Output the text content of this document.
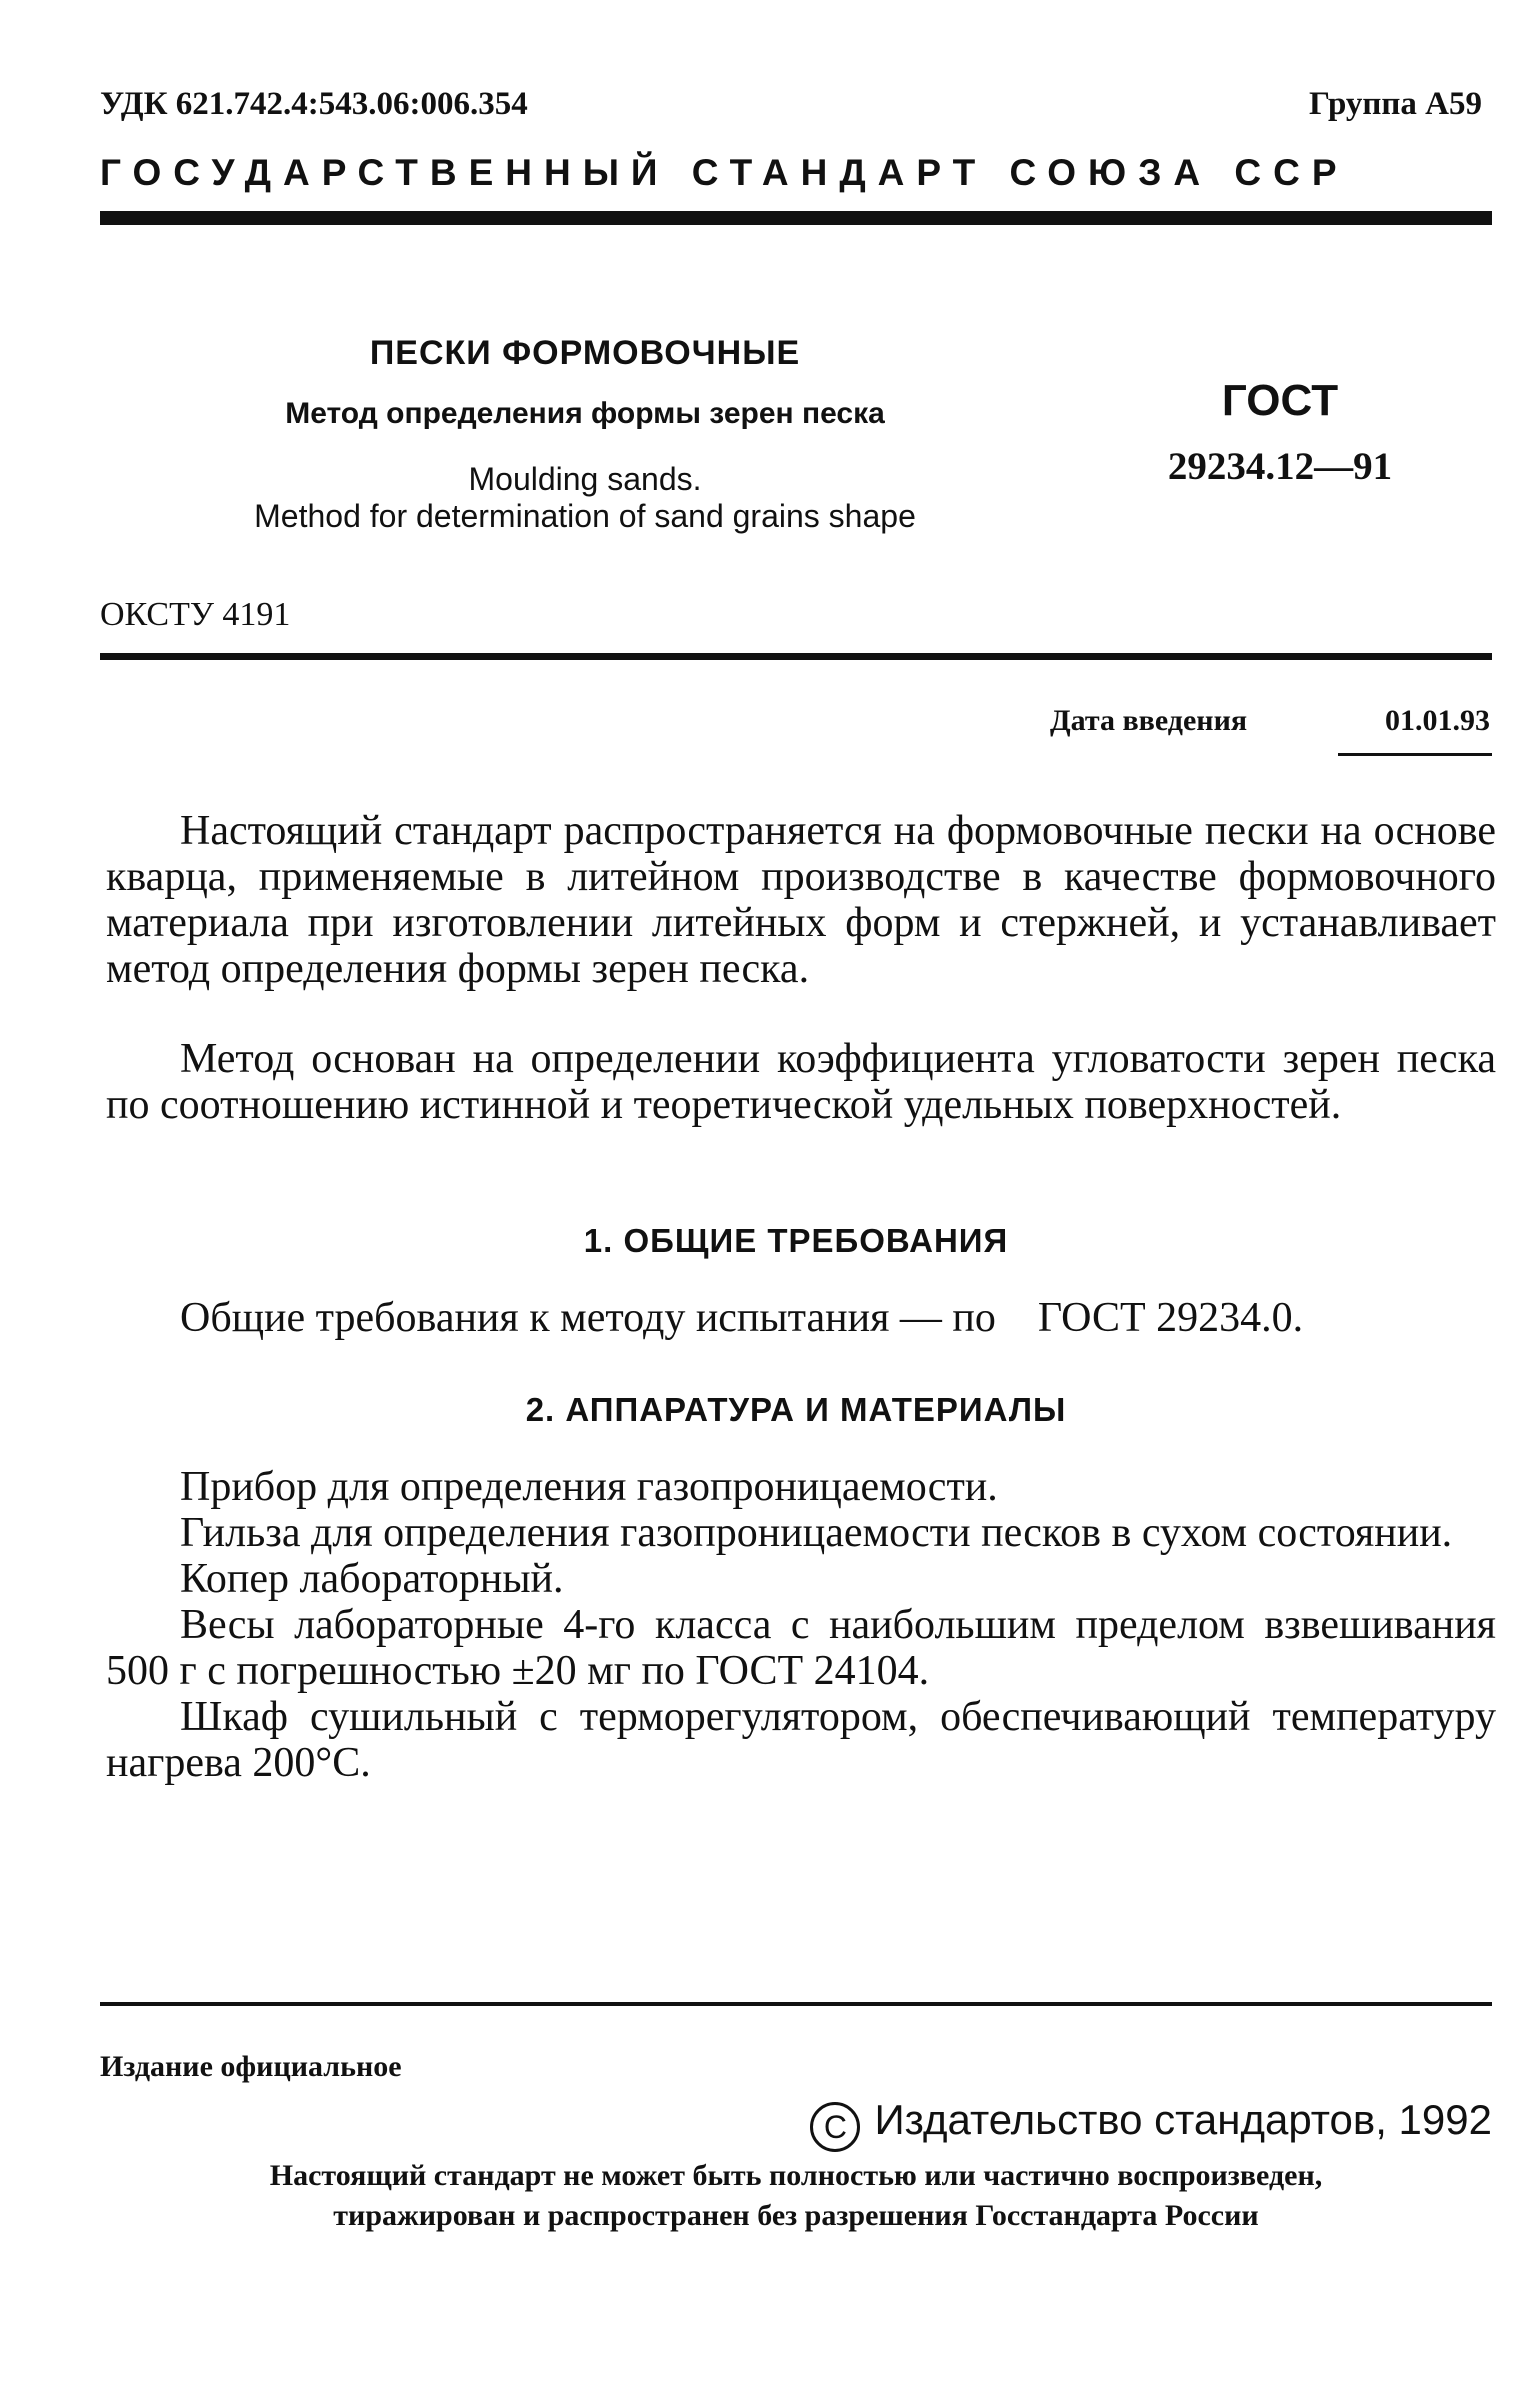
УДК 621.742.4:543.06:006.354	Группа А59
ГОСУДАРСТВЕННЫЙ СТАНДАРТ СОЮЗА ССР
ПЕСКИ ФОРМОВОЧНЫЕ
Метод определения формы зерен песка
Moulding sands.
Method for determination of sand grains shape
ГОСТ
29234.12—91
ОКСТУ 4191
Дата введения	01.01.93

Настоящий стандарт распространяется на формовочные пески на основе кварца, применяемые в литейном производстве в качестве формовочного материала при изготовлении литейных форм и стержней, и устанавливает метод определения формы зерен песка.

Метод основан на определении коэффициента угловатости зерен песка по соотношению истинной и теоретической удельных поверхностей.

1. ОБЩИЕ ТРЕБОВАНИЯ
Общие требования к методу испытания — по ГОСТ 29234.0.
2. АППАРАТУРА И МАТЕРИАЛЫ

Прибор для определения газопроницаемости.

Гильза для определения газопроницаемости песков в сухом состоянии.

Копер лабораторный.

Весы лабораторные 4-го класса с наибольшим пределом взвешивания 500 г с погрешностью ±20 мг по ГОСТ 24104.

Шкаф сушильный с терморегулятором, обеспечивающий температуру нагрева 200°С.

Издание официальное
C Издательство стандартов, 1992
Настоящий стандарт не может быть полностью или частично воспроизведен,
тиражирован и распространен без разрешения Госстандарта России
